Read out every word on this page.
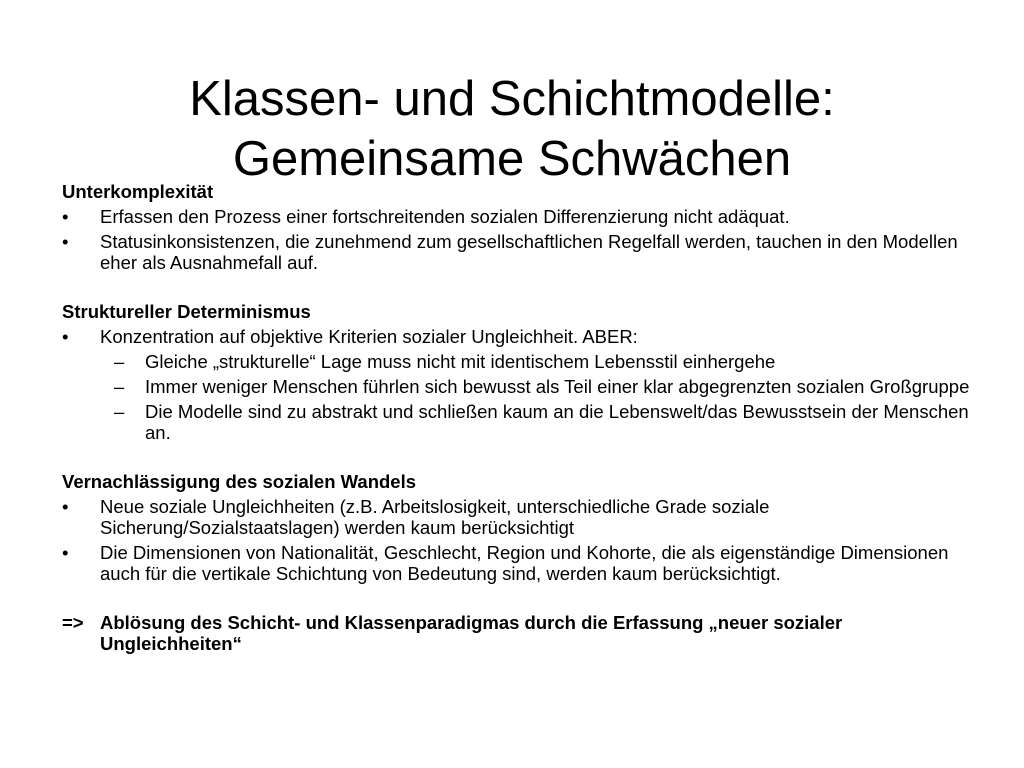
Klassen- und Schichtmodelle:
Gemeinsame Schwächen
Unterkomplexität
• Erfassen den Prozess einer fortschreitenden sozialen Differenzierung nicht adäquat.
• Statusinkonsistenzen, die zunehmend zum gesellschaftlichen Regelfall werden, tauchen in den Modellen eher als Ausnahmefall auf.
Struktureller Determinismus
• Konzentration auf objektive Kriterien sozialer Ungleichheit. ABER:
– Gleiche „strukturelle“ Lage muss nicht mit identischem Lebensstil einhergehe
– Immer weniger Menschen führlen sich bewusst als Teil einer klar abgegrenzten sozialen Großgruppe
– Die Modelle sind zu abstrakt und schließen kaum an die Lebenswelt/das Bewusstsein der Menschen an.
Vernachlässigung des sozialen Wandels
• Neue soziale Ungleichheiten (z.B. Arbeitslosigkeit, unterschiedliche Grade soziale Sicherung/Sozialstaatslagen) werden kaum berücksichtigt
• Die Dimensionen von Nationalität, Geschlecht, Region und Kohorte, die als eigenständige Dimensionen auch für die vertikale Schichtung von Bedeutung sind, werden kaum berücksichtigt.
=> Ablösung des Schicht- und Klassenparadigmas durch die Erfassung „neuer sozialer Ungleichheiten“
